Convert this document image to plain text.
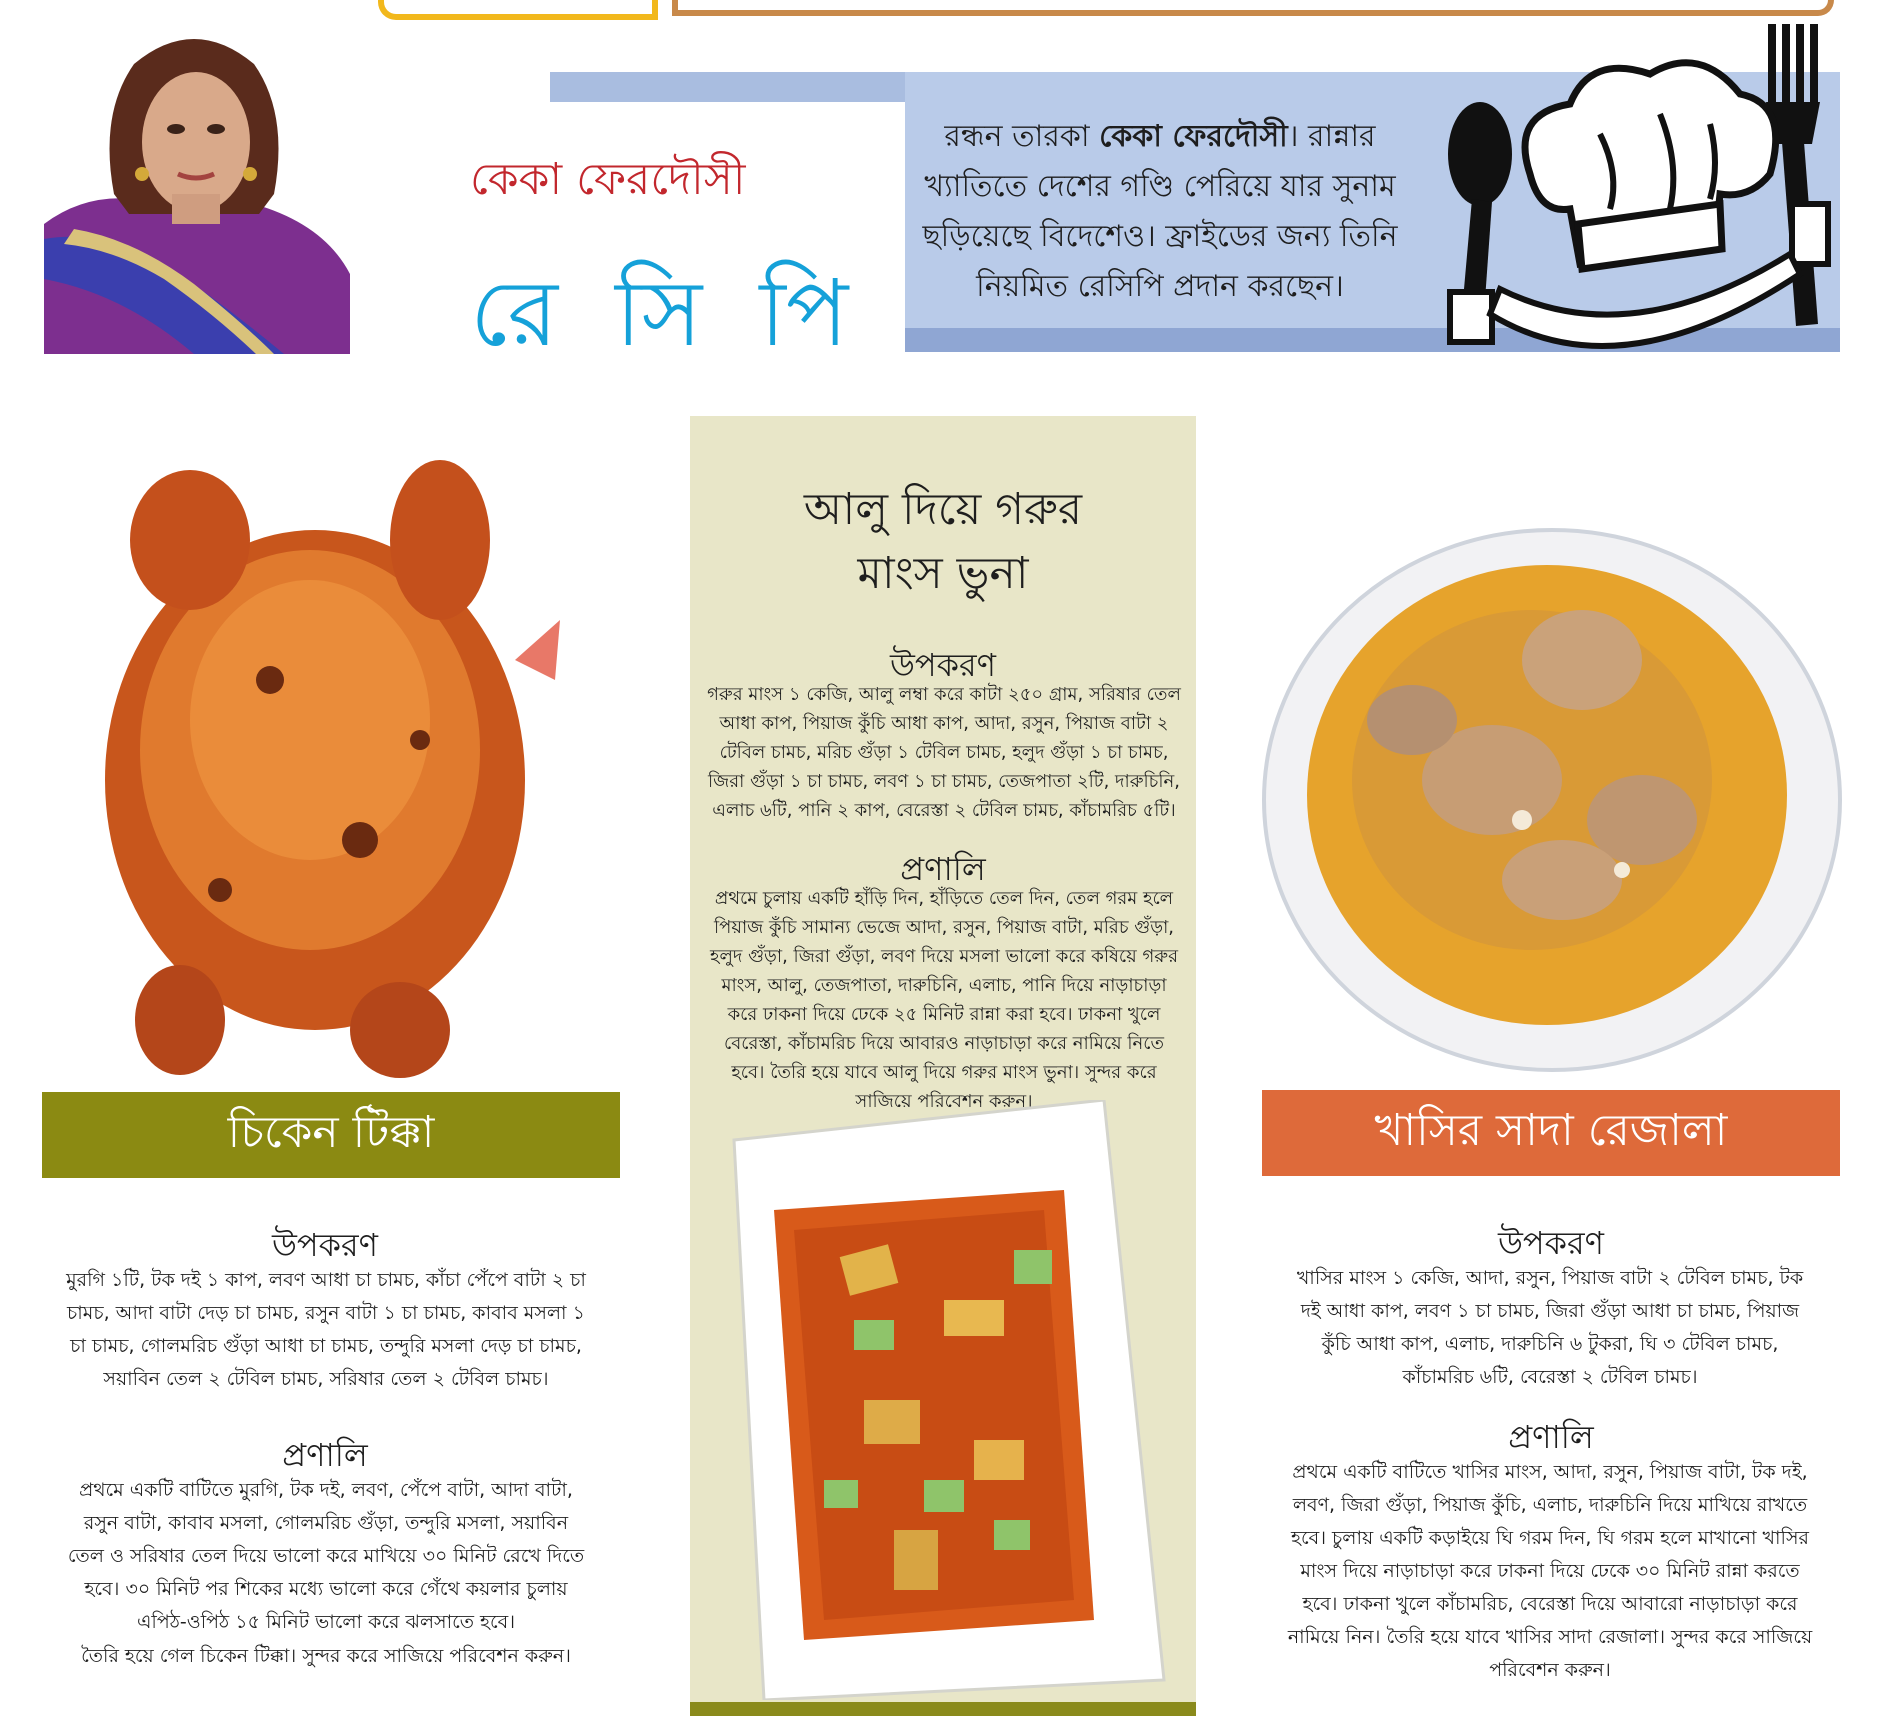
কেকা ফেরদৌসী
রে সি পি
রন্ধন তারকা কেকা ফেরদৌসী। রান্নার খ্যাতিতে দেশের গণ্ডি পেরিয়ে যার সুনাম ছড়িয়েছে বিদেশেও। ফ্রাইডের জন্য তিনি নিয়মিত রেসিপি প্রদান করছেন।
চিকেন টিক্কা
উপকরণ
মুরগি ১টি, টক দই ১ কাপ, লবণ আধা চা চামচ, কাঁচা পেঁপে বাটা ২ চা চামচ, আদা বাটা দেড় চা চামচ, রসুন বাটা ১ চা চামচ, কাবাব মসলা ১ চা চামচ, গোলমরিচ গুঁড়া আধা চা চামচ, তন্দুরি মসলা দেড় চা চামচ, সয়াবিন তেল ২ টেবিল চামচ, সরিষার তেল ২ টেবিল চামচ।
প্রণালি
প্রথমে একটি বাটিতে মুরগি, টক দই, লবণ, পেঁপে বাটা, আদা বাটা, রসুন বাটা, কাবাব মসলা, গোলমরিচ গুঁড়া, তন্দুরি মসলা, সয়াবিন তেল ও সরিষার তেল দিয়ে ভালো করে মাখিয়ে ৩০ মিনিট রেখে দিতে হবে। ৩০ মিনিট পর শিকের মধ্যে ভালো করে গেঁথে কয়লার চুলায় এপিঠ-ওপিঠ ১৫ মিনিট ভালো করে ঝলসাতে হবে।
তৈরি হয়ে গেল চিকেন টিক্কা। সুন্দর করে সাজিয়ে পরিবেশন করুন।
আলু দিয়ে গরুর
মাংস ভুনা
উপকরণ
গরুর মাংস ১ কেজি, আলু লম্বা করে কাটা ২৫০ গ্রাম, সরিষার তেল আধা কাপ, পিয়াজ কুঁচি আধা কাপ, আদা, রসুন, পিয়াজ বাটা ২ টেবিল চামচ, মরিচ গুঁড়া ১ টেবিল চামচ, হলুদ গুঁড়া ১ চা চামচ, জিরা গুঁড়া ১ চা চামচ, লবণ ১ চা চামচ, তেজপাতা ২টি, দারুচিনি, এলাচ ৬টি, পানি ২ কাপ, বেরেস্তা ২ টেবিল চামচ, কাঁচামরিচ ৫টি।
প্রণালি
প্রথমে চুলায় একটি হাঁড়ি দিন, হাঁড়িতে তেল দিন, তেল গরম হলে পিয়াজ কুঁচি সামান্য ভেজে আদা, রসুন, পিয়াজ বাটা, মরিচ গুঁড়া, হলুদ গুঁড়া, জিরা গুঁড়া, লবণ দিয়ে মসলা ভালো করে কষিয়ে গরুর মাংস, আলু, তেজপাতা, দারুচিনি, এলাচ, পানি দিয়ে নাড়াচাড়া করে ঢাকনা দিয়ে ঢেকে ২৫ মিনিট রান্না করা হবে। ঢাকনা খুলে বেরেস্তা, কাঁচামরিচ দিয়ে আবারও নাড়াচাড়া করে নামিয়ে নিতে হবে। তৈরি হয়ে যাবে আলু দিয়ে গরুর মাংস ভুনা। সুন্দর করে সাজিয়ে পরিবেশন করুন।
খাসির সাদা রেজালা
উপকরণ
খাসির মাংস ১ কেজি, আদা, রসুন, পিয়াজ বাটা ২ টেবিল চামচ, টক দই আধা কাপ, লবণ ১ চা চামচ, জিরা গুঁড়া আধা চা চামচ, পিয়াজ কুঁচি আধা কাপ, এলাচ, দারুচিনি ৬ টুকরা, ঘি ৩ টেবিল চামচ, কাঁচামরিচ ৬টি, বেরেস্তা ২ টেবিল চামচ।
প্রণালি
প্রথমে একটি বাটিতে খাসির মাংস, আদা, রসুন, পিয়াজ বাটা, টক দই, লবণ, জিরা গুঁড়া, পিয়াজ কুঁচি, এলাচ, দারুচিনি দিয়ে মাখিয়ে রাখতে হবে। চুলায় একটি কড়াইয়ে ঘি গরম দিন, ঘি গরম হলে মাখানো খাসির মাংস দিয়ে নাড়াচাড়া করে ঢাকনা দিয়ে ঢেকে ৩০ মিনিট রান্না করতে হবে। ঢাকনা খুলে কাঁচামরিচ, বেরেস্তা দিয়ে আবারো নাড়াচাড়া করে নামিয়ে নিন। তৈরি হয়ে যাবে খাসির সাদা রেজালা। সুন্দর করে সাজিয়ে পরিবেশন করুন।
